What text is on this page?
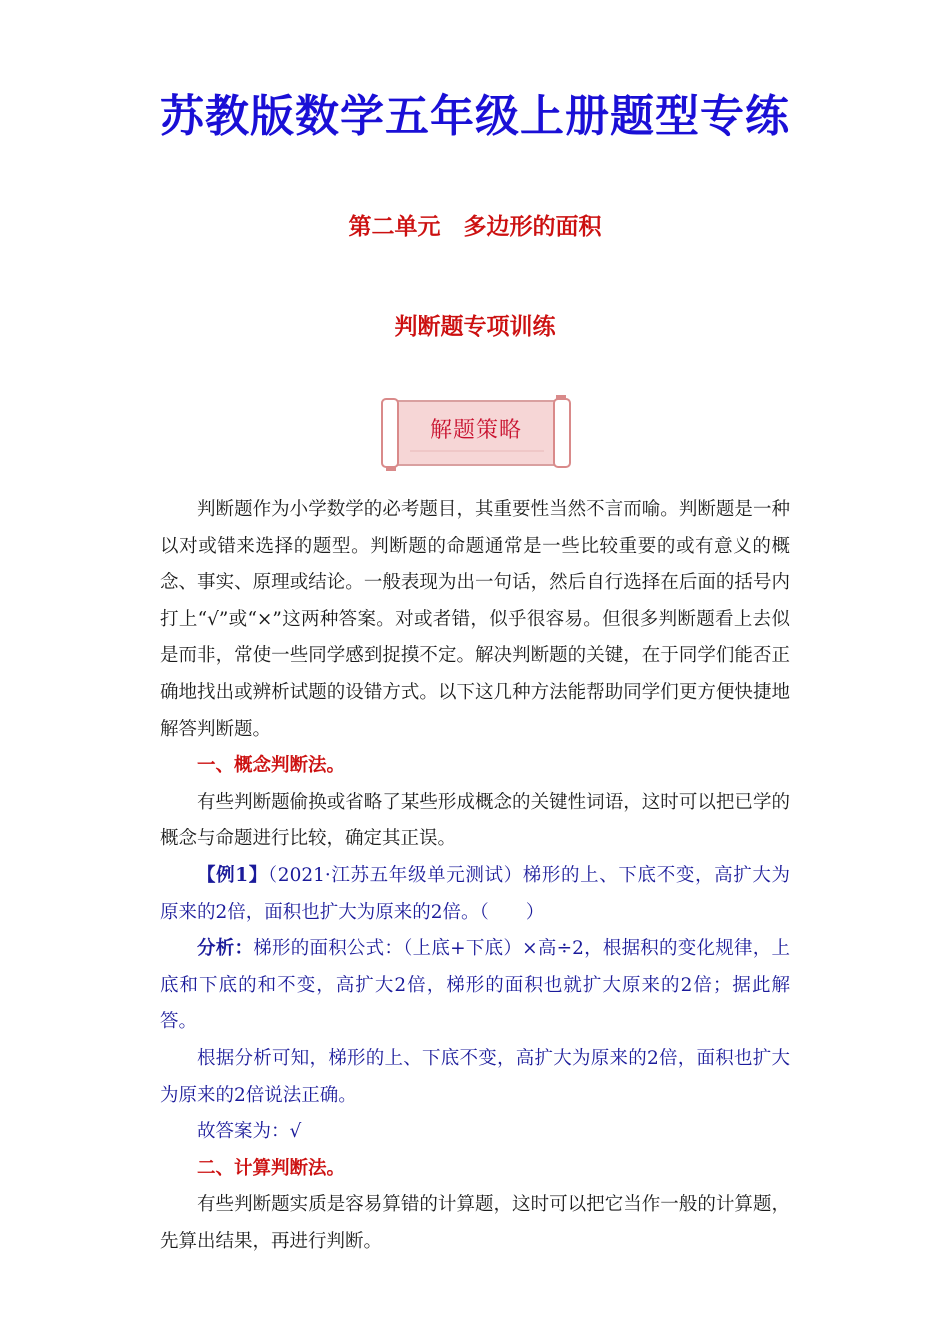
苏教版数学五年级上册题型专练
第二单元　多边形的面积
判断题专项训练
解题策略

判断题作为小学数学的必考题目，其重要性当然不言而喻。判断题是一种以对或错来选择的题型。判断题的命题通常是一些比较重要的或有意义的概念、事实、原理或结论。一般表现为出一句话，然后自行选择在后面的括号内打上“√”或“×”这两种答案。对或者错，似乎很容易。但很多判断题看上去似是而非，常使一些同学感到捉摸不定。解决判断题的关键，在于同学们能否正确地找出或辨析试题的设错方式。以下这几种方法能帮助同学们更方便快捷地解答判断题。

一、概念判断法。

有些判断题偷换或省略了某些形成概念的关键性词语，这时可以把已学的概念与命题进行比较，确定其正误。

【例1】（2021·江苏五年级单元测试）梯形的上、下底不变，高扩大为原来的2倍，面积也扩大为原来的2倍。（　　）

分析：梯形的面积公式：（上底+下底）×高÷2，根据积的变化规律，上底和下底的和不变，高扩大2倍，梯形的面积也就扩大原来的2倍；据此解答。

根据分析可知，梯形的上、下底不变，高扩大为原来的2倍，面积也扩大为原来的2倍说法正确。

故答案为：√

二、计算判断法。

有些判断题实质是容易算错的计算题，这时可以把它当作一般的计算题，先算出结果，再进行判断。
